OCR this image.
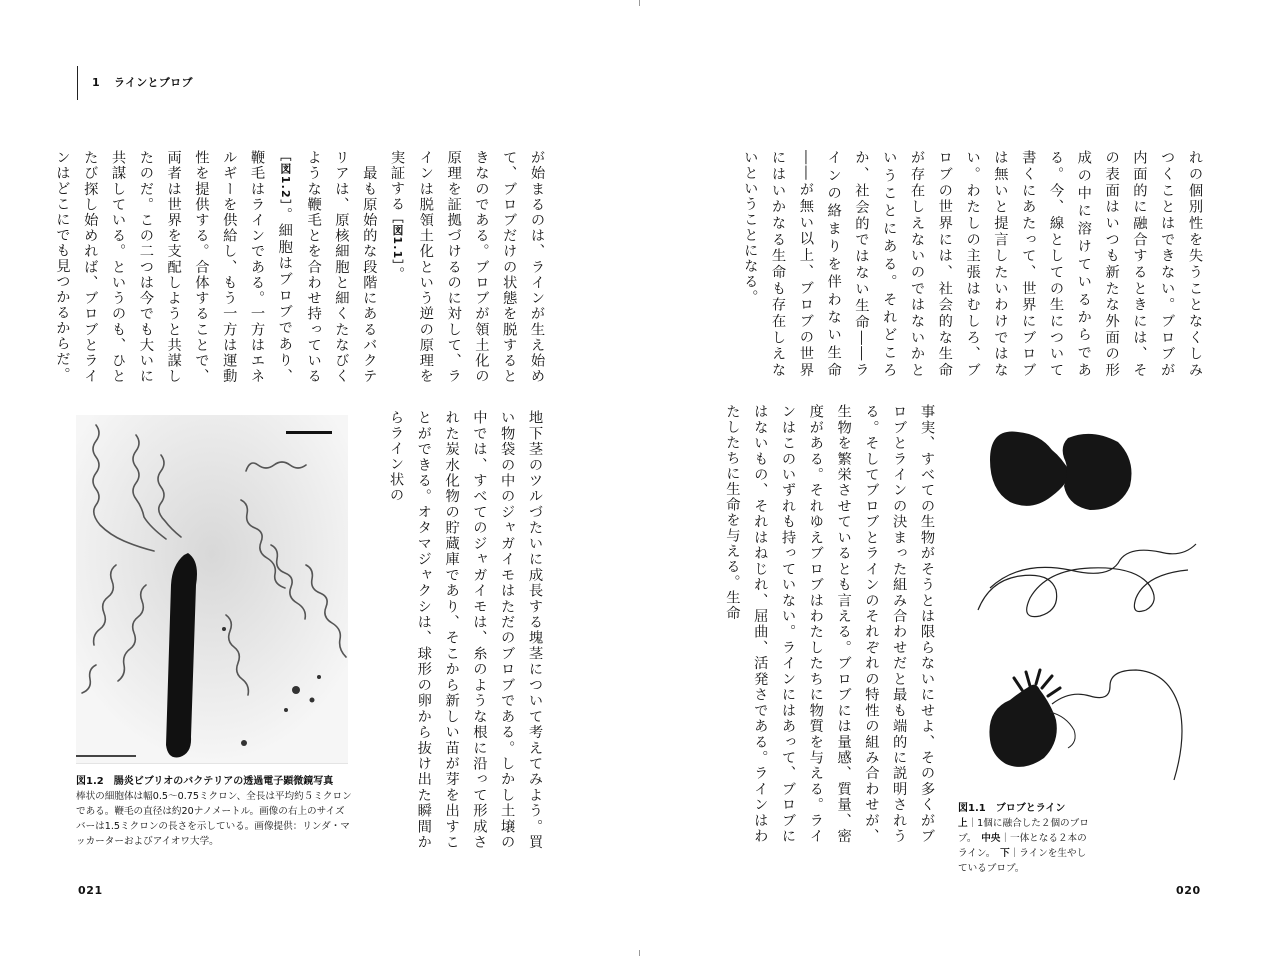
1 ラインとブロブ

が始まるのは、ラインが生え始めて、ブロブだけの状態を脱するときなのである。ブロブが領土化の原理を証拠づけるのに対して、ラインは脱領土化という逆の原理を実証する［図1.1］。

　最も原始的な段階にあるバクテリアは、原核細胞と細くたなびくような鞭毛とを合わせ持っている［図1.2］。細胞はブロブであり、鞭毛はラインである。一方はエネルギーを供給し、もう一方は運動性を提供する。合体することで、両者は世界を支配しようと共謀したのだ。この二つは今でも大いに共謀している。というのも、ひとたび探し始めれば、ブロブとラインはどこにでも見つかるからだ。

地下茎のツルづたいに成長する塊茎について考えてみよう。買い物袋の中のジャガイモはただのブロブである。しかし土壌の中では、すべてのジャガイモは、糸のような根に沿って形成された炭水化物の貯蔵庫であり、そこから新しい苗が芽を出すことができる。オタマジャクシは、球形の卵から抜け出た瞬間からライン状の

図1.2　腸炎ビブリオのバクテリアの透過電子顕微鏡写真
棒状の細胞体は幅0.5〜0.75ミクロン、全長は平均約５ミクロンである。鞭毛の直径は約20ナノメートル。画像の右上のサイズバーは1.5ミクロンの長さを示している。画像提供：リンダ・マッカーターおよびアイオワ大学。

れの個別性を失うことなくしみつくことはできない。ブロブが内面的に融合するときには、その表面はいつも新たな外面の形成の中に溶けているからである。今、線としての生について書くにあたって、世界にブロブは無いと提言したいわけではない。わたしの主張はむしろ、ブロブの世界には、社会的な生命が存在しえないのではないかということにある。それどころか、社会的ではない生命――ラインの絡まりを伴わない生命――が無い以上、ブロブの世界にはいかなる生命も存在しえないということになる。

事実、すべての生物がそうとは限らないにせよ、その多くがブロブとラインの決まった組み合わせだと最も端的に説明されうる。そしてブロブとラインのそれぞれの特性の組み合わせが、生物を繁栄させているとも言える。ブロブには量感、質量、密度がある。それゆえブロブはわたしたちに物質を与える。ラインはこのいずれも持っていない。ラインにはあって、ブロブにはないもの、それはねじれ、屈曲、活発さである。ラインはわたしたちに生命を与える。生命

図1.1　ブロブとライン
上｜1個に融合した２個のブロブ。　 中央｜一体となる２本のライン。　 下｜ラインを生やしているブロブ。
021	020
